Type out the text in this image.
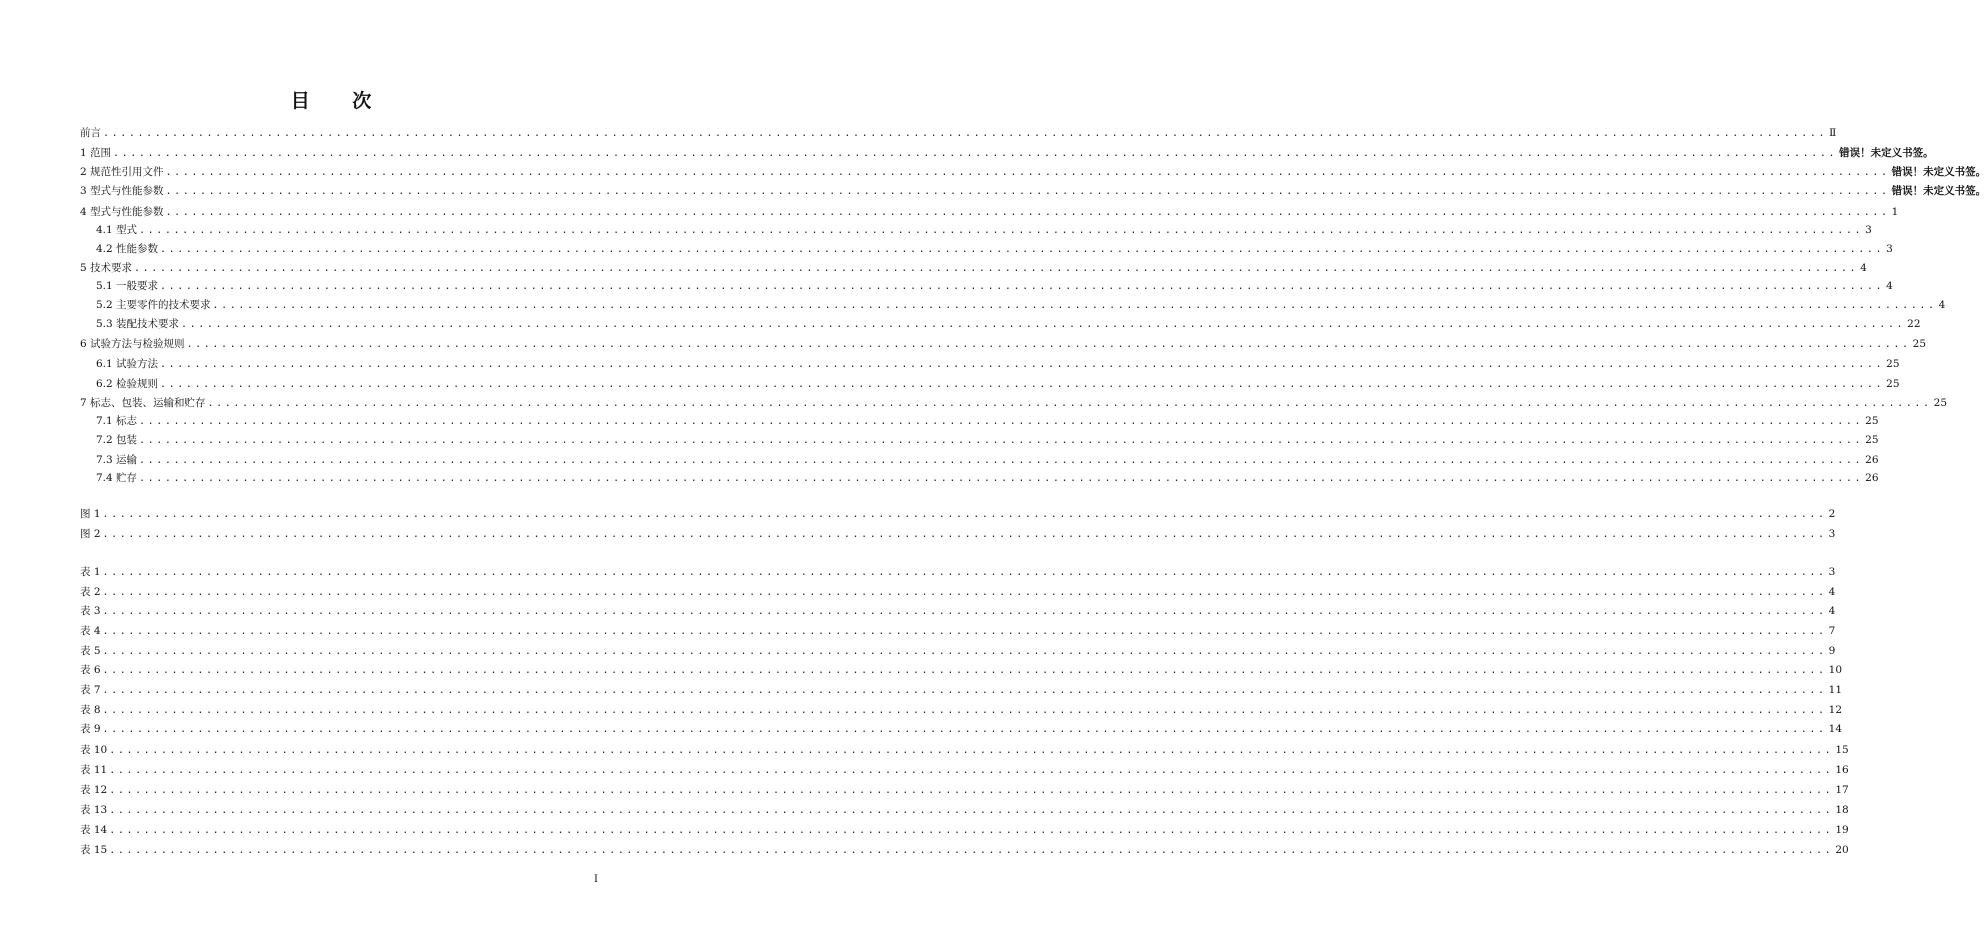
目 次
前言 ........................................................................................................................................................................................................ Ⅱ
1 范围 ........................................................................................................................................................................................................ 错误！未定义书签。
2 规范性引用文件 ........................................................................................................................................................................................................ 错误！未定义书签。
3 型式与性能参数 ........................................................................................................................................................................................................ 错误！未定义书签。
4 型式与性能参数 ........................................................................................................................................................................................................ 1
4.1 型式 ........................................................................................................................................................................................................ 3
4.2 性能参数 ........................................................................................................................................................................................................ 3
5 技术要求 ........................................................................................................................................................................................................ 4
5.1 一般要求 ........................................................................................................................................................................................................ 4
5.2 主要零件的技术要求 ........................................................................................................................................................................................................ 4
5.3 装配技术要求 ........................................................................................................................................................................................................ 22
6 试验方法与检验规则 ........................................................................................................................................................................................................ 25
6.1 试验方法 ........................................................................................................................................................................................................ 25
6.2 检验规则 ........................................................................................................................................................................................................ 25
7 标志、包装、运输和贮存 ........................................................................................................................................................................................................ 25
7.1 标志 ........................................................................................................................................................................................................ 25
7.2 包装 ........................................................................................................................................................................................................ 25
7.3 运输 ........................................................................................................................................................................................................ 26
7.4 贮存 ........................................................................................................................................................................................................ 26
图 1 ........................................................................................................................................................................................................ 2
图 2 ........................................................................................................................................................................................................ 3
表 1 ........................................................................................................................................................................................................ 3
表 2 ........................................................................................................................................................................................................ 4
表 3 ........................................................................................................................................................................................................ 4
表 4 ........................................................................................................................................................................................................ 7
表 5 ........................................................................................................................................................................................................ 9
表 6 ........................................................................................................................................................................................................ 10
表 7 ........................................................................................................................................................................................................ 11
表 8 ........................................................................................................................................................................................................ 12
表 9 ........................................................................................................................................................................................................ 14
表 10 ........................................................................................................................................................................................................ 15
表 11 ........................................................................................................................................................................................................ 16
表 12 ........................................................................................................................................................................................................ 17
表 13 ........................................................................................................................................................................................................ 18
表 14 ........................................................................................................................................................................................................ 19
表 15 ........................................................................................................................................................................................................ 20
I
